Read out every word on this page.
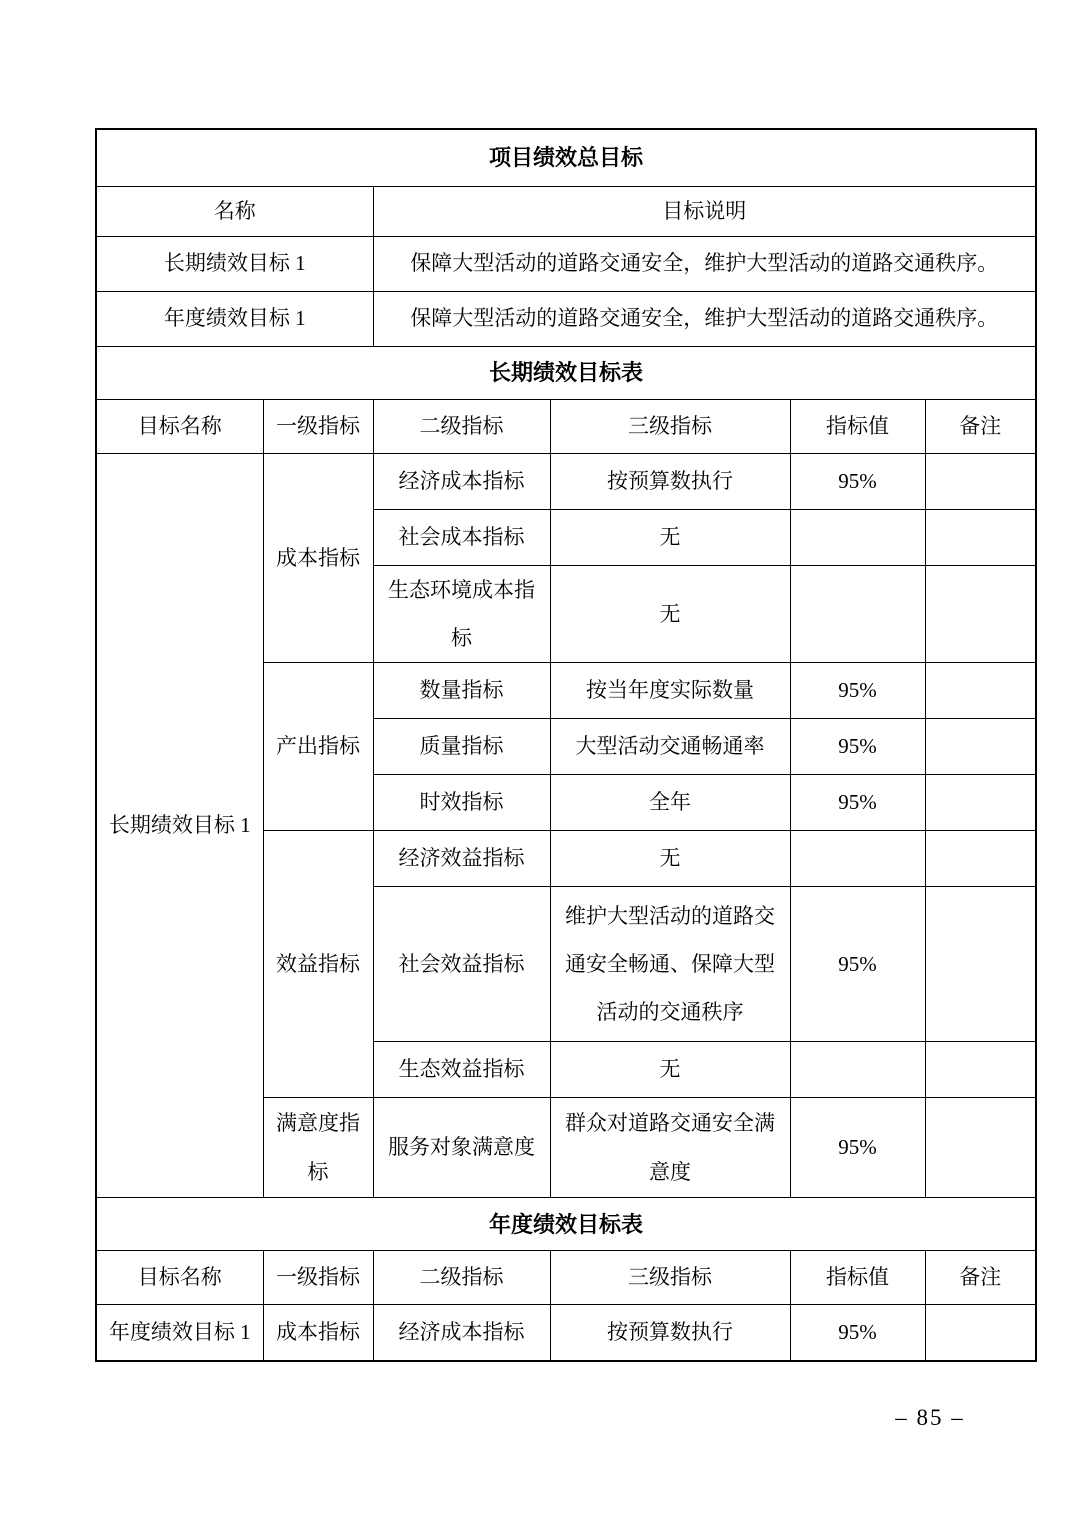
项目绩效总目标					
名称		目标说明			
长期绩效目标 1		保障大型活动的道路交通安全，维护大型活动的道路交通秩序。			
年度绩效目标 1		保障大型活动的道路交通安全，维护大型活动的道路交通秩序。			
长期绩效目标表					
目标名称	一级指标	二级指标	三级指标	指标值	备注
长期绩效目标 1	成本指标	经济成本指标	按预算数执行	95%	
		社会成本指标	无		
		生态环境成本指标	无		
	产出指标	数量指标	按当年度实际数量	95%	
		质量指标	大型活动交通畅通率	95%	
		时效指标	全年	95%	
	效益指标	经济效益指标	无		
		社会效益指标	维护大型活动的道路交通安全畅通、保障大型活动的交通秩序	95%	
		生态效益指标	无		
	满意度指标	服务对象满意度	群众对道路交通安全满意度	95%	
年度绩效目标表					
目标名称	一级指标	二级指标	三级指标	指标值	备注
年度绩效目标 1	成本指标	经济成本指标	按预算数执行	95%	
– 85 –
